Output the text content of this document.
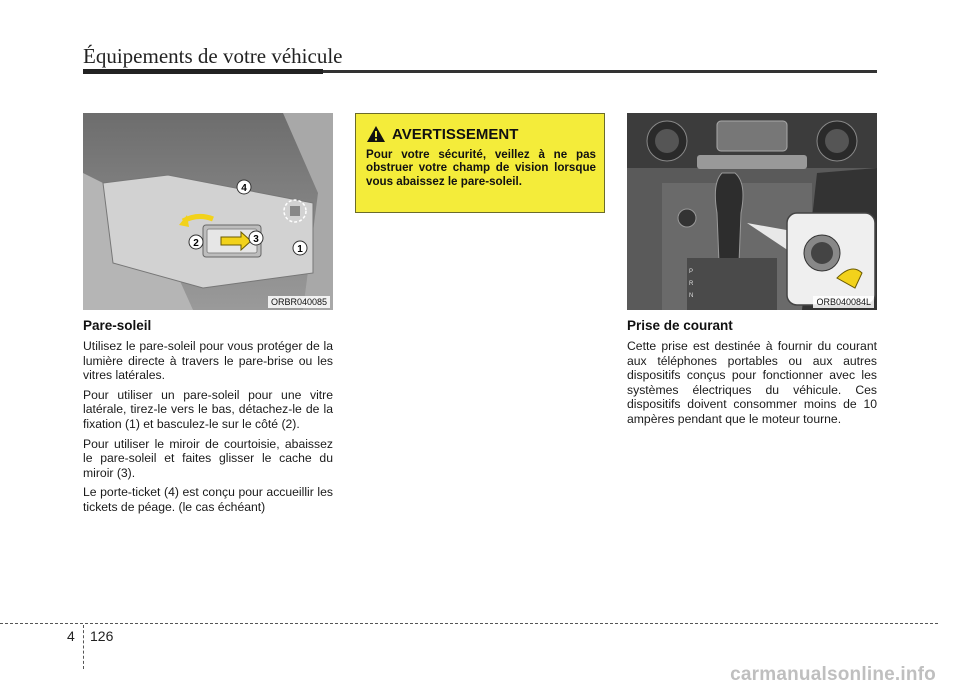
Équipements de votre véhicule
4
2	3
1
ORBR040085
Pare-soleil

Utilisez le pare-soleil pour vous protéger de la lumière directe à travers le pare-brise ou les vitres latérales.

Pour utiliser un pare-soleil pour une vitre latérale, tirez-le vers le bas, détachez-le de la fixation (1) et basculez-le sur le côté (2).

Pour utiliser le miroir de courtoisie, abaissez le pare-soleil et faites glisser le cache du miroir (3).

Le porte-ticket (4) est conçu pour accueillir les tickets de péage. (le cas échéant)

AVERTISSEMENT
Pour votre sécurité, veillez à ne pas obstruer votre champ de vision lorsque vous abaissez le pare-soleil.
P
R
N
ORB040084L
Prise de courant

Cette prise est destinée à fournir du courant aux téléphones portables ou aux autres dispositifs conçus pour fonctionner avec les systèmes électriques du véhicule. Ces dispositifs doivent consommer moins de 10 ampères pendant que le moteur tourne.

4 126
carmanualsonline.info
